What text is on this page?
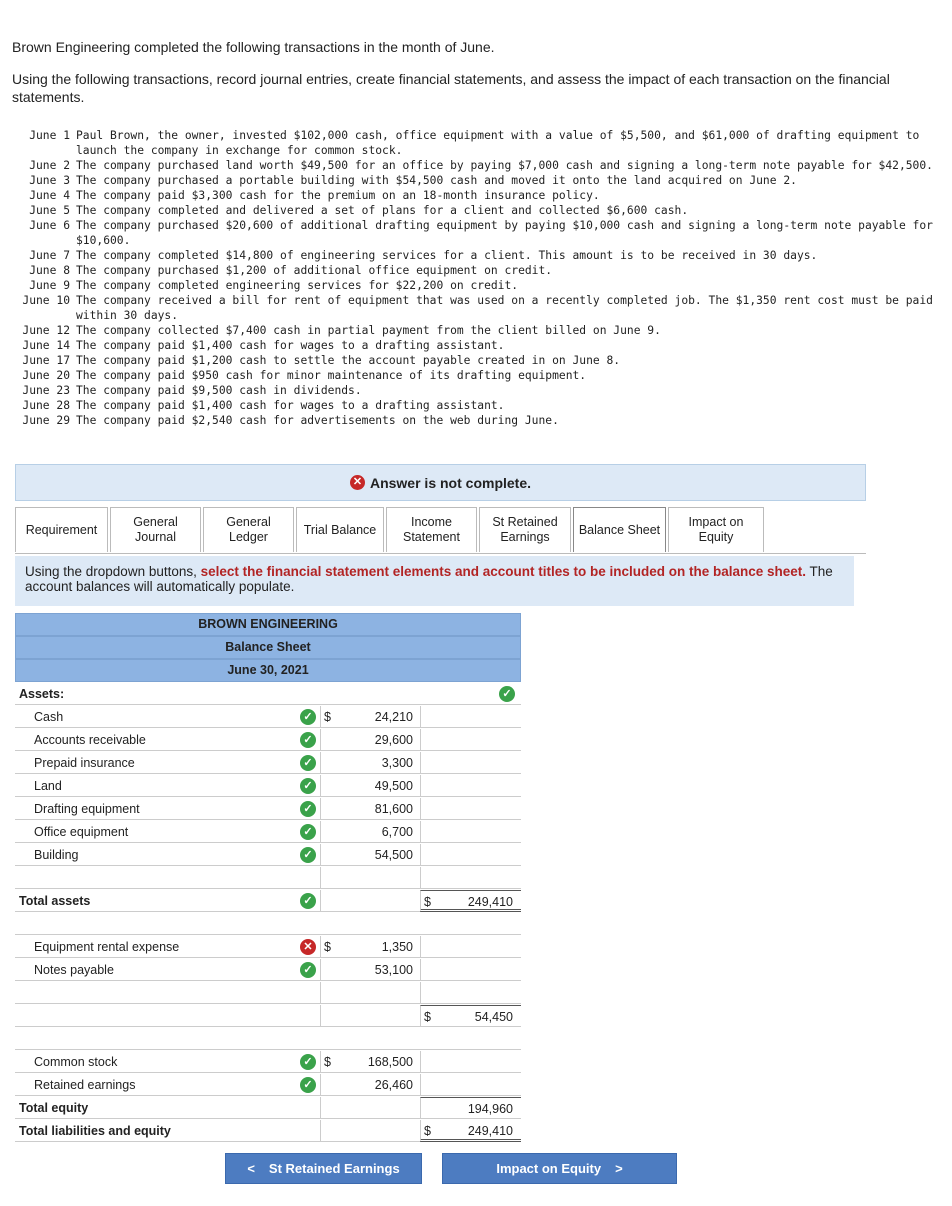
Brown Engineering completed the following transactions in the month of June.

Using the following transactions, record journal entries, create financial statements, and assess the impact of each transaction on the financial statements.

June 1 Paul Brown, the owner, invested $102,000 cash, office equipment with a value of $5,500, and $61,000 of drafting equipment to launch the company in exchange for common stock.
June 2 The company purchased land worth $49,500 for an office by paying $7,000 cash and signing a long-term note payable for $42,500.
June 3 The company purchased a portable building with $54,500 cash and moved it onto the land acquired on June 2.
June 4 The company paid $3,300 cash for the premium on an 18-month insurance policy.
June 5 The company completed and delivered a set of plans for a client and collected $6,600 cash.
June 6 The company purchased $20,600 of additional drafting equipment by paying $10,000 cash and signing a long-term note payable for $10,600.
June 7 The company completed $14,800 of engineering services for a client. This amount is to be received in 30 days.
June 8 The company purchased $1,200 of additional office equipment on credit.
June 9 The company completed engineering services for $22,200 on credit.
June 10 The company received a bill for rent of equipment that was used on a recently completed job. The $1,350 rent cost must be paid within 30 days.
June 12 The company collected $7,400 cash in partial payment from the client billed on June 9.
June 14 The company paid $1,400 cash for wages to a drafting assistant.
June 17 The company paid $1,200 cash to settle the account payable created in on June 8.
June 20 The company paid $950 cash for minor maintenance of its drafting equipment.
June 23 The company paid $9,500 cash in dividends.
June 28 The company paid $1,400 cash for wages to a drafting assistant.
June 29 The company paid $2,540 cash for advertisements on the web during June.
✕ Answer is not complete.
Requirement
General Journal
General Ledger
Trial Balance
Income Statement
St Retained Earnings
Balance Sheet
Impact on Equity
Using the dropdown buttons, select the financial statement elements and account titles to be included on the balance sheet. The account balances will automatically populate.
BROWN ENGINEERING
Balance Sheet
June 30, 2021
Assets:	✓
Cash	✓ $	24,210
Accounts receivable	✓	29,600
Prepaid insurance	✓	3,300
Land	✓	49,500
Drafting equipment	✓	81,600
Office equipment	✓	6,700
Building	✓	54,500
Total assets	✓	$	249,410
Equipment rental expense	✕ $	1,350
Notes payable	✓	53,100
$	54,450
Common stock	✓ $	168,500
Retained earnings	✓	26,460
Total equity	194,960
Total liabilities and equity	$	249,410
< St Retained Earnings	Impact on Equity >
